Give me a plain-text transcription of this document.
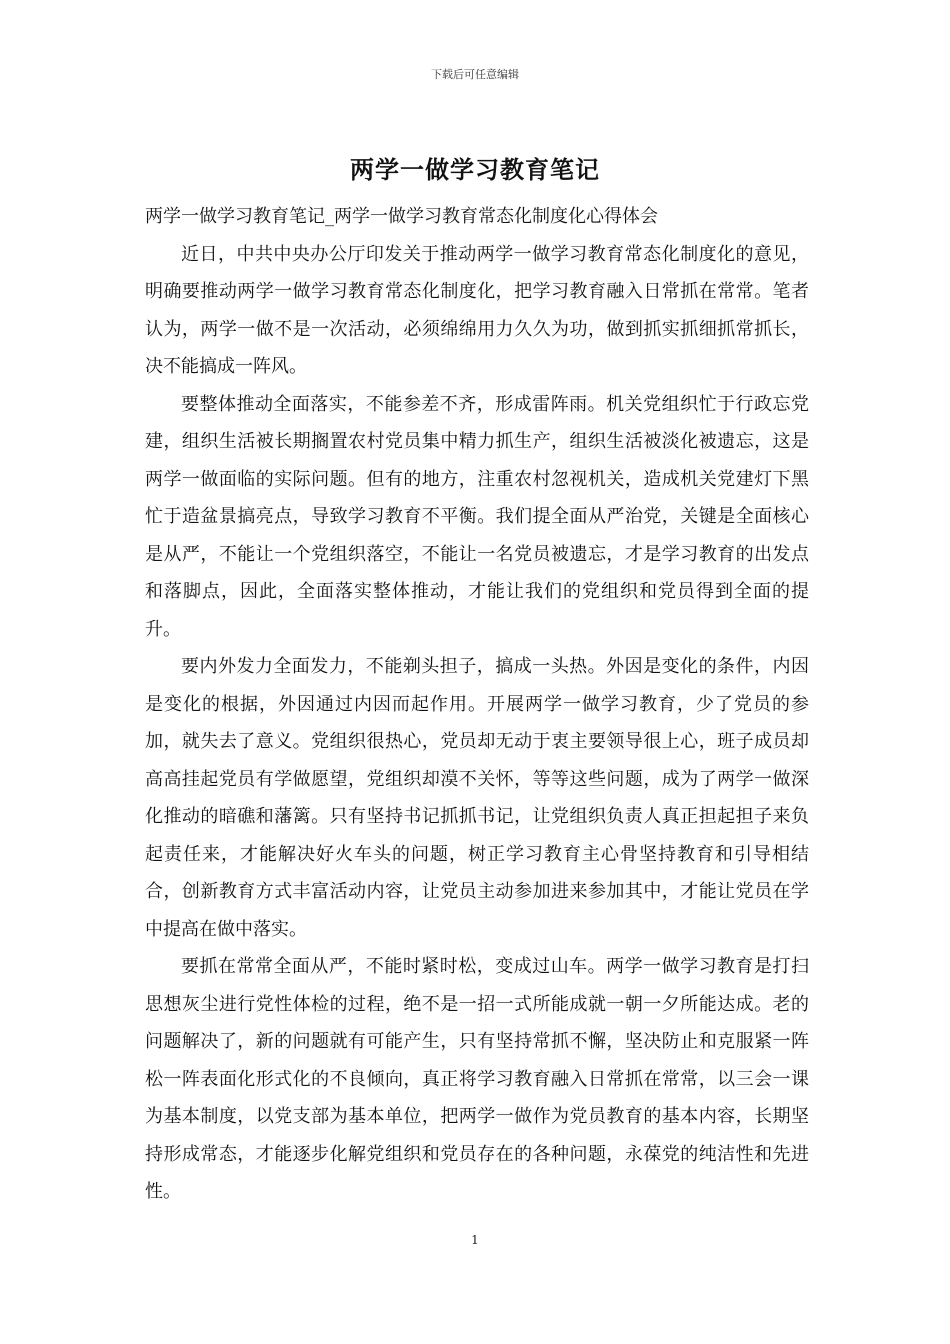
下载后可任意编辑
两学一做学习教育笔记

两学一做学习教育笔记_两学一做学习教育常态化制度化心得体会

近日，中共中央办公厅印发关于推动两学一做学习教育常态化制度化的意见，明确要推动两学一做学习教育常态化制度化，把学习教育融入日常抓在常常。笔者认为，两学一做不是一次活动，必须绵绵用力久久为功，做到抓实抓细抓常抓长，决不能搞成一阵风。

要整体推动全面落实，不能参差不齐，形成雷阵雨。机关党组织忙于行政忘党建，组织生活被长期搁置农村党员集中精力抓生产，组织生活被淡化被遗忘，这是两学一做面临的实际问题。但有的地方，注重农村忽视机关，造成机关党建灯下黑忙于造盆景搞亮点，导致学习教育不平衡。我们提全面从严治党，关键是全面核心是从严，不能让一个党组织落空，不能让一名党员被遗忘，才是学习教育的出发点和落脚点，因此，全面落实整体推动，才能让我们的党组织和党员得到全面的提升。

要内外发力全面发力，不能剃头担子，搞成一头热。外因是变化的条件，内因是变化的根据，外因通过内因而起作用。开展两学一做学习教育，少了党员的参加，就失去了意义。党组织很热心，党员却无动于衷主要领导很上心，班子成员却高高挂起党员有学做愿望，党组织却漠不关怀，等等这些问题，成为了两学一做深化推动的暗礁和藩篱。只有坚持书记抓抓书记，让党组织负责人真正担起担子来负起责任来，才能解决好火车头的问题，树正学习教育主心骨坚持教育和引导相结合，创新教育方式丰富活动内容，让党员主动参加进来参加其中，才能让党员在学中提高在做中落实。

要抓在常常全面从严，不能时紧时松，变成过山车。两学一做学习教育是打扫思想灰尘进行党性体检的过程，绝不是一招一式所能成就一朝一夕所能达成。老的问题解决了，新的问题就有可能产生，只有坚持常抓不懈，坚决防止和克服紧一阵松一阵表面化形式化的不良倾向，真正将学习教育融入日常抓在常常，以三会一课为基本制度，以党支部为基本单位，把两学一做作为党员教育的基本内容，长期坚持形成常态，才能逐步化解党组织和党员存在的各种问题，永葆党的纯洁性和先进性。

1
